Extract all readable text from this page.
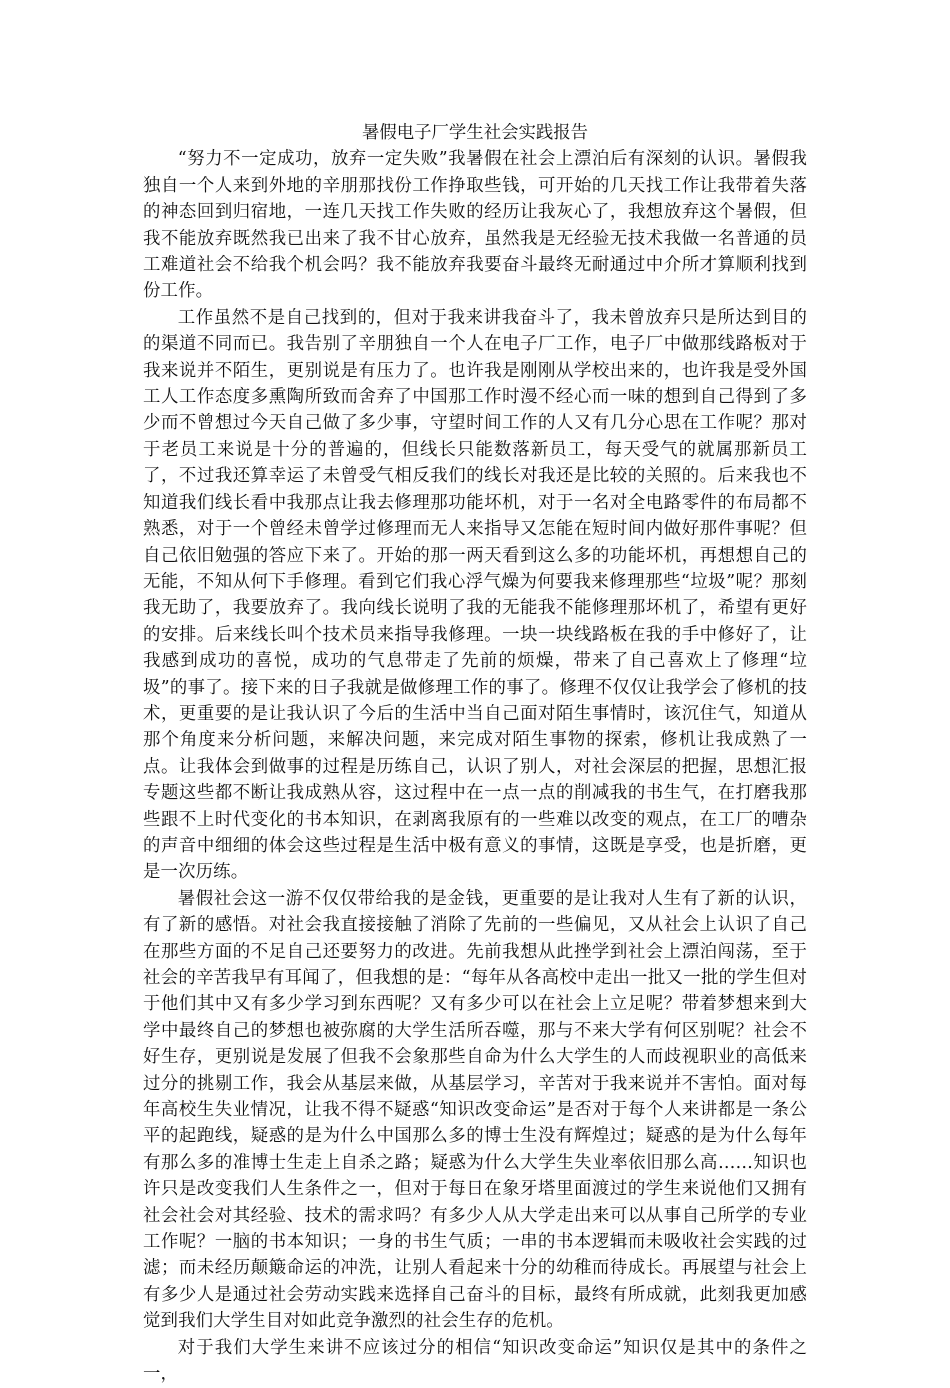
暑假电子厂学生社会实践报告

“努力不一定成功，放弃一定失败”我暑假在社会上漂泊后有深刻的认识。暑假我独自一个人来到外地的辛朋那找份工作挣取些钱，可开始的几天找工作让我带着失落的神态回到归宿地，一连几天找工作失败的经历让我灰心了，我想放弃这个暑假，但我不能放弃既然我已出来了我不甘心放弃，虽然我是无经验无技术我做一名普通的员工难道社会不给我个机会吗？我不能放弃我要奋斗最终无耐通过中介所才算顺利找到份工作。

工作虽然不是自己找到的，但对于我来讲我奋斗了，我未曾放弃只是所达到目的的渠道不同而已。我告别了辛朋独自一个人在电子厂工作，电子厂中做那线路板对于我来说并不陌生，更别说是有压力了。也许我是刚刚从学校出来的，也许我是受外国工人工作态度多熏陶所致而舍弃了中国那工作时漫不经心而一味的想到自己得到了多少而不曾想过今天自己做了多少事，守望时间工作的人又有几分心思在工作呢？那对于老员工来说是十分的普遍的，但线长只能数落新员工，每天受气的就属那新员工了，不过我还算幸运了未曾受气相反我们的线长对我还是比较的关照的。后来我也不知道我们线长看中我那点让我去修理那功能坏机，对于一名对全电路零件的布局都不熟悉，对于一个曾经未曾学过修理而无人来指导又怎能在短时间内做好那件事呢？但自己依旧勉强的答应下来了。开始的那一两天看到这么多的功能坏机，再想想自己的无能，不知从何下手修理。看到它们我心浮气燥为何要我来修理那些“垃圾”呢？那刻我无助了，我要放弃了。我向线长说明了我的无能我不能修理那坏机了，希望有更好的安排。后来线长叫个技术员来指导我修理。一块一块线路板在我的手中修好了，让我感到成功的喜悦，成功的气息带走了先前的烦燥，带来了自己喜欢上了修理“垃圾”的事了。接下来的日子我就是做修理工作的事了。修理不仅仅让我学会了修机的技术，更重要的是让我认识了今后的生活中当自己面对陌生事情时，该沉住气，知道从那个角度来分析问题，来解决问题，来完成对陌生事物的探索，修机让我成熟了一点。让我体会到做事的过程是历练自己，认识了别人，对社会深层的把握，思想汇报专题这些都不断让我成熟从容，这过程中在一点一点的削减我的书生气，在打磨我那些跟不上时代变化的书本知识，在剥离我原有的一些难以改变的观点，在工厂的嘈杂的声音中细细的体会这些过程是生活中极有意义的事情，这既是享受，也是折磨，更是一次历练。

暑假社会这一游不仅仅带给我的是金钱，更重要的是让我对人生有了新的认识，有了新的感悟。对社会我直接接触了消除了先前的一些偏见，又从社会上认识了自己在那些方面的不足自己还要努力的改进。先前我想从此挫学到社会上漂泊闯荡，至于社会的辛苦我早有耳闻了，但我想的是：“每年从各高校中走出一批又一批的学生但对于他们其中又有多少学习到东西呢？又有多少可以在社会上立足呢？带着梦想来到大学中最终自己的梦想也被弥腐的大学生活所吞噬，那与不来大学有何区别呢？社会不好生存，更别说是发展了但我不会象那些自命为什么大学生的人而歧视职业的高低来过分的挑剔工作，我会从基层来做，从基层学习，辛苦对于我来说并不害怕。面对每年高校生失业情况，让我不得不疑惑“知识改变命运”是否对于每个人来讲都是一条公平的起跑线，疑惑的是为什么中国那么多的博士生没有辉煌过；疑惑的是为什么每年有那么多的准博士生走上自杀之路；疑惑为什么大学生失业率依旧那么高……知识也许只是改变我们人生条件之一，但对于每日在象牙塔里面渡过的学生来说他们又拥有社会社会对其经验、技术的需求吗？有多少人从大学走出来可以从事自己所学的专业工作呢？一脑的书本知识；一身的书生气质；一串的书本逻辑而未吸收社会实践的过滤；而未经历颠簸命运的冲洗，让别人看起来十分的幼稚而待成长。再展望与社会上有多少人是通过社会劳动实践来选择自己奋斗的目标，最终有所成就，此刻我更加感觉到我们大学生目对如此竞争激烈的社会生存的危机。

对于我们大学生来讲不应该过分的相信“知识改变命运”知识仅是其中的条件之一，
